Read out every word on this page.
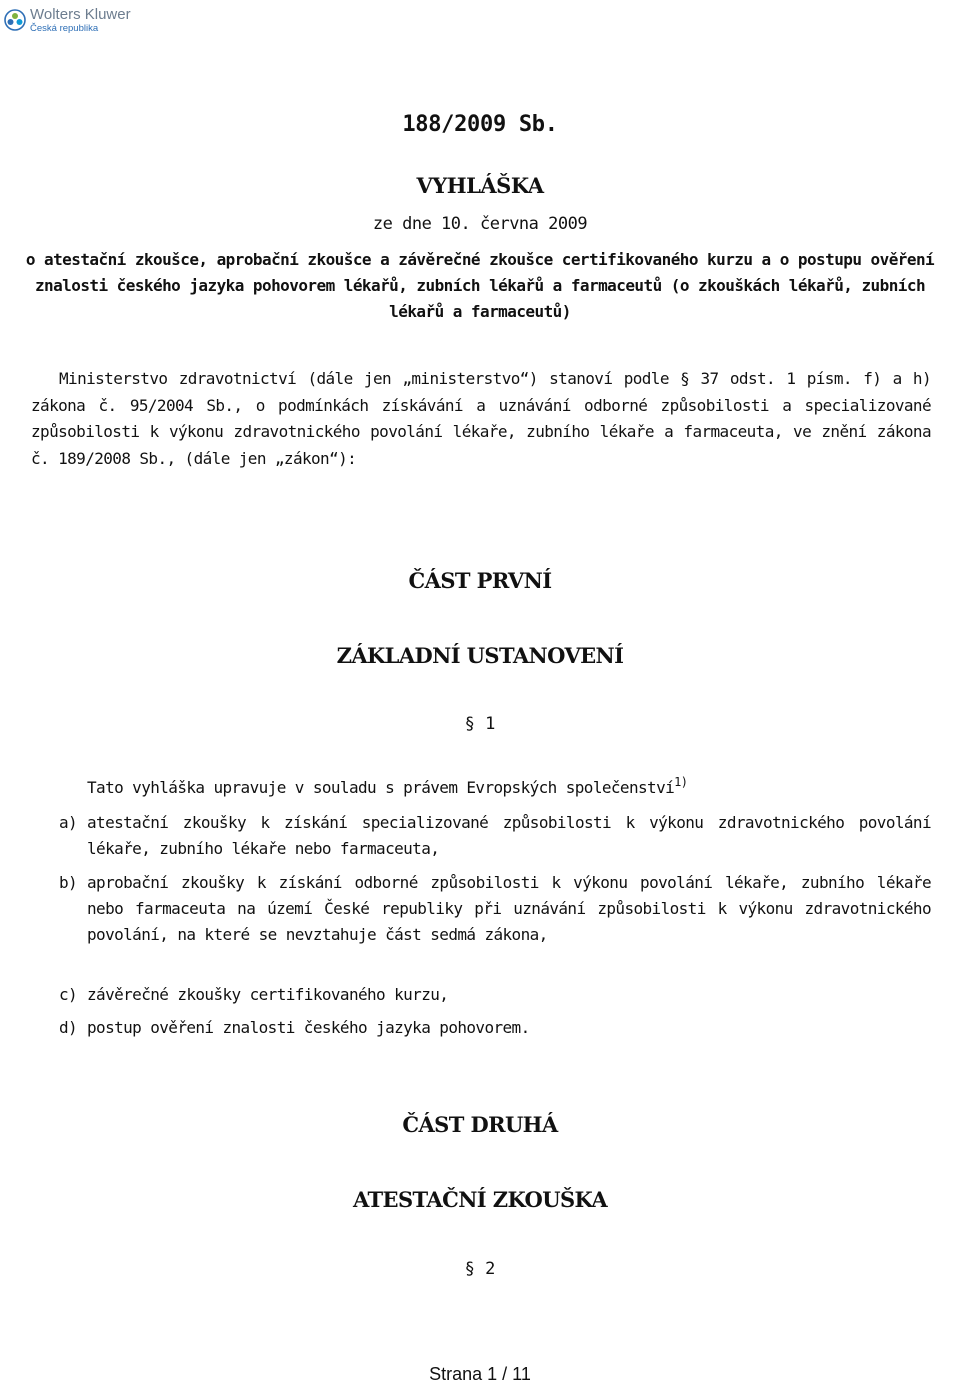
Wolters Kluwer
Česká republika
188/2009 Sb.
VYHLÁŠKA
ze dne 10. června 2009
o atestační zkoušce, aprobační zkoušce a závěrečné zkoušce certifikovaného kurzu a o postupu ověření znalosti českého jazyka pohovorem lékařů, zubních lékařů a farmaceutů (o zkouškách lékařů, zubních lékařů a farmaceutů)
Ministerstvo zdravotnictví (dále jen „ministerstvo“) stanoví podle § 37 odst. 1 písm. f) a h) zákona č. 95/2004 Sb., o podmínkách získávání a uznávání odborné způsobilosti a specializované způsobilosti k výkonu zdravotnického povolání lékaře, zubního lékaře a farmaceuta, ve znění zákona č. 189/2008 Sb., (dále jen „zákon“):
ČÁST PRVNÍ
ZÁKLADNÍ USTANOVENÍ
§ 1
Tato vyhláška upravuje v souladu s právem Evropských společenství$^{1)}$
a) atestační zkoušky k získání specializované způsobilosti k výkonu zdravotnického povolání lékaře, zubního lékaře nebo farmaceuta,
b) aprobační zkoušky k získání odborné způsobilosti k výkonu povolání lékaře, zubního lékaře nebo farmaceuta na území České republiky při uznávání způsobilosti k výkonu zdravotnického povolání, na které se nevztahuje část sedmá zákona,
c) závěrečné zkoušky certifikovaného kurzu,
d) postup ověření znalosti českého jazyka pohovorem.
ČÁST DRUHÁ
ATESTAČNÍ ZKOUŠKA
§ 2
Strana 1 / 11
